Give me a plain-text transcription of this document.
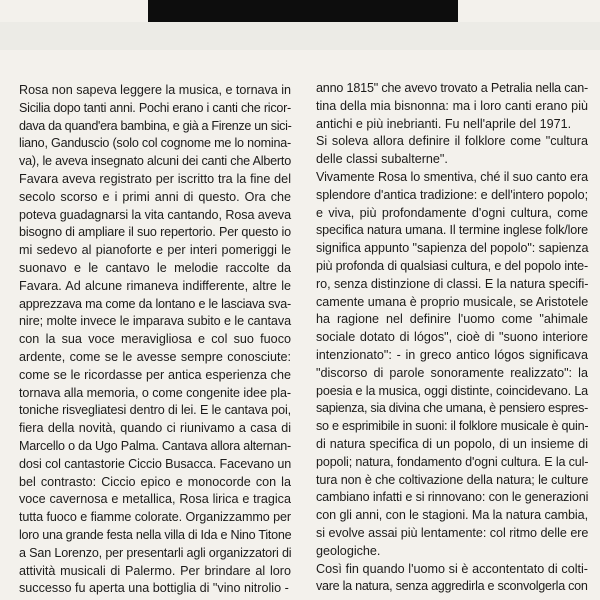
Rosa non sapeva leggere la musica, e tornava in
Sicilia dopo tanti anni. Pochi erano i canti che ricor-
dava da quand'era bambina, e già a Firenze un sici-
liano, Ganduscio (solo col cognome me lo nomina-
va), le aveva insegnato alcuni dei canti che Alberto
Favara aveva registrato per iscritto tra la fine del
secolo scorso e i primi anni di questo. Ora che
poteva guadagnarsi la vita cantando, Rosa aveva
bisogno di ampliare il suo repertorio. Per questo io
mi sedevo al pianoforte e per interi pomeriggi le
suonavo e le cantavo le melodie raccolte da
Favara. Ad alcune rimaneva indifferente, altre le
apprezzava ma come da lontano e le lasciava sva-
nire; molte invece le imparava subito e le cantava
con la sua voce meravigliosa e col suo fuoco
ardente, come se le avesse sempre conosciute:
come se le ricordasse per antica esperienza che
tornava alla memoria, o come congenite idee pla-
toniche risvegliatesi dentro di lei. E le cantava poi,
fiera della novità, quando ci riunivamo a casa di
Marcello o da Ugo Palma. Cantava allora alternan-
dosi col cantastorie Ciccio Busacca. Facevano un
bel contrasto: Ciccio epico e monocorde con la
voce cavernosa e metallica, Rosa lirica e tragica
tutta fuoco e fiamme colorate. Organizzammo per
loro una grande festa nella villa di Ida e Nino Titone
a San Lorenzo, per presentarli agli organizzatori di
attività musicali di Palermo. Per brindare al loro
successo fu aperta una bottiglia di "vino nitrolio -
anno 1815" che avevo trovato a Petralia nella can-
tina della mia bisnonna: ma i loro canti erano più
antichi e più inebrianti. Fu nell'aprile del 1971.
Si soleva allora definire il folklore come "cultura
delle classi subalterne".
Vivamente Rosa lo smentiva, ché il suo canto era
splendore d'antica tradizione: e dell'intero popolo;
e viva, più profondamente d'ogni cultura, come
specifica natura umana. Il termine inglese folk/lore
significa appunto "sapienza del popolo": sapienza
più profonda di qualsiasi cultura, e del popolo inte-
ro, senza distinzione di classi. E la natura specifi-
camente umana è proprio musicale, se Aristotele
ha ragione nel definire l'uomo come "ahimale
sociale dotato di lógos", cioè di "suono interiore
intenzionato": - in greco antico lógos significava
"discorso di parole sonoramente realizzato": la
poesia e la musica, oggi distinte, coincidevano. La
sapienza, sia divina che umana, è pensiero espres-
so e esprimibile in suoni: il folklore musicale è quin-
di natura specifica di un popolo, di un insieme di
popoli; natura, fondamento d'ogni cultura. E la cul-
tura non è che coltivazione della natura; le culture
cambiano infatti e si rinnovano: con le generazioni
con gli anni, con le stagioni. Ma la natura cambia,
si evolve assai più lentamente: col ritmo delle ere
geologiche.
Così fin quando l'uomo si è accontentato di colti-
vare la natura, senza aggredirla e sconvolgerla con
